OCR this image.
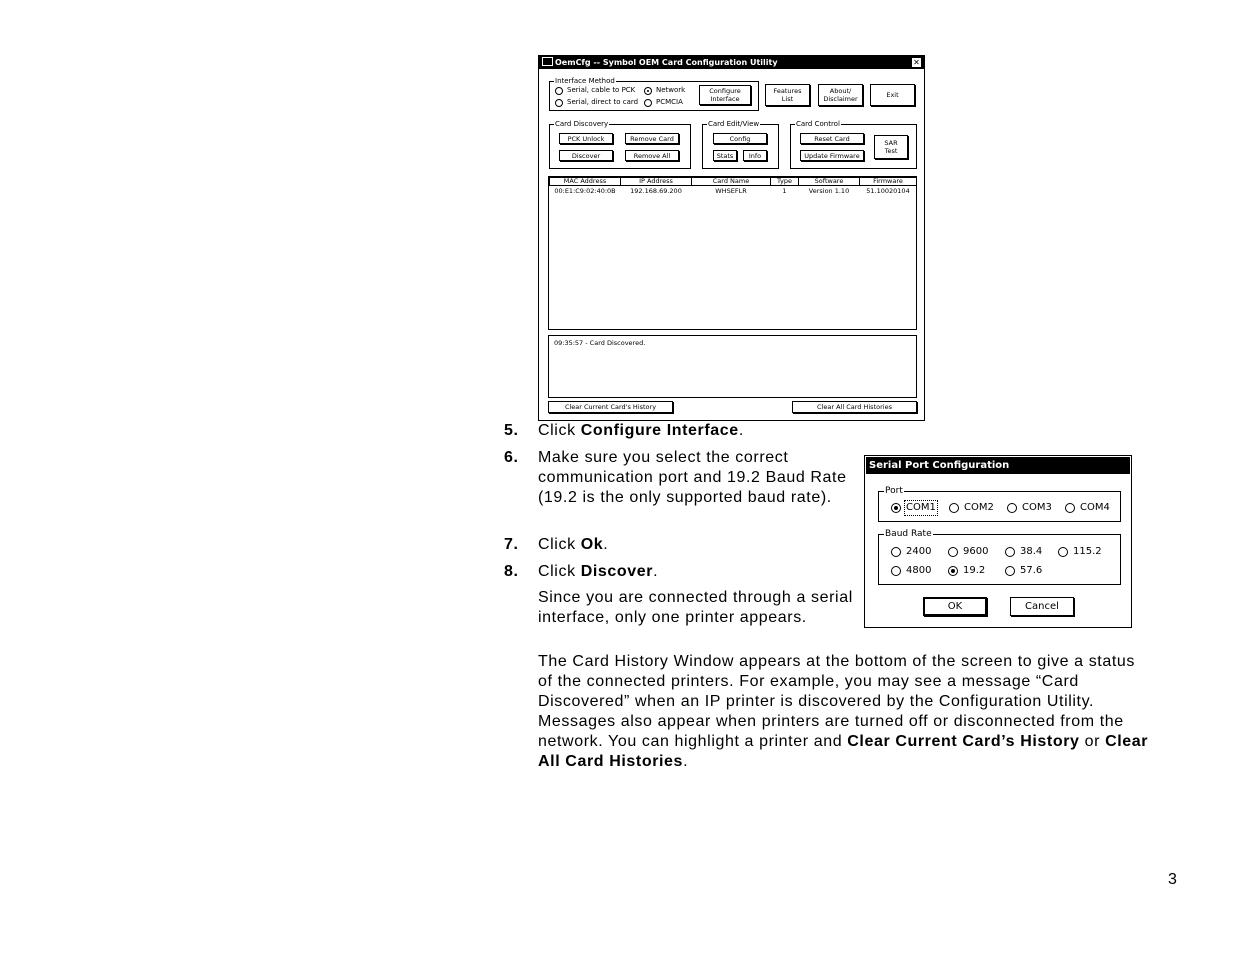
OemCfg -- Symbol OEM Card Configuration Utility	✕
Interface Method
Serial, cable to PCK
Serial, direct to card
Network
PCMCIA
Configure
Interface
Features
List
About/
Disclaimer	Exit
Card Discovery
PCK Unlock	Remove Card
Discover	Remove All
Card Edit/View
Config
Stats	Info
Card Control
Reset Card
Update Firmware
SAR
Test
MAC Address	IP Address	Card Name	Type	Software	Firmware
00:E1:C9:02:40:0B	192.168.69.200	WHSEFLR	1	Version 1.10	51.10020104
09:35:57 - Card Discovered.
Clear Current Card's History	Clear All Card Histories
Serial Port Configuration
Port
COM1	COM2	COM3	COM4
Baud Rate
2400	9600	38.4	115.2
4800	19.2	57.6
OK	Cancel
5. Click Configure Interface.
6. Make sure you select the correct communication port and 19.2 Baud Rate (19.2 is the only supported baud rate).
7. Click Ok.
8. Click Discover.
Since you are connected through a serial interface, only one printer appears.
The Card History Window appears at the bottom of the screen to give a status of the connected printers. For example, you may see a message “Card Discovered” when an IP printer is discovered by the Configuration Utility. Messages also appear when printers are turned off or disconnected from the network. You can highlight a printer and Clear Current Card’s History or Clear All Card Histories.
3
